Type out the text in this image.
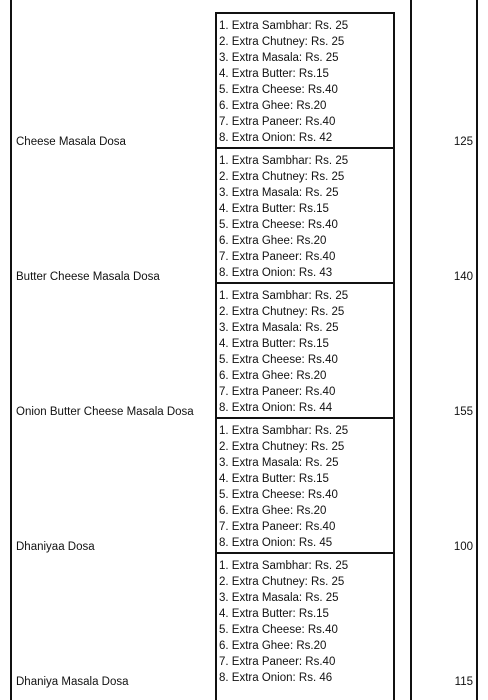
Cheese Masala Dosa
1. Extra Sambhar: Rs. 25
2. Extra Chutney: Rs. 25
3. Extra Masala: Rs. 25
4. Extra Butter: Rs.15
5. Extra Cheese: Rs.40
6. Extra Ghee: Rs.20
7. Extra Paneer: Rs.40
8. Extra Onion: Rs. 42	125
Butter Cheese Masala Dosa
1. Extra Sambhar: Rs. 25
2. Extra Chutney: Rs. 25
3. Extra Masala: Rs. 25
4. Extra Butter: Rs.15
5. Extra Cheese: Rs.40
6. Extra Ghee: Rs.20
7. Extra Paneer: Rs.40
8. Extra Onion: Rs. 43	140
Onion Butter Cheese Masala Dosa
1. Extra Sambhar: Rs. 25
2. Extra Chutney: Rs. 25
3. Extra Masala: Rs. 25
4. Extra Butter: Rs.15
5. Extra Cheese: Rs.40
6. Extra Ghee: Rs.20
7. Extra Paneer: Rs.40
8. Extra Onion: Rs. 44	155
Dhaniyaa Dosa
1. Extra Sambhar: Rs. 25
2. Extra Chutney: Rs. 25
3. Extra Masala: Rs. 25
4. Extra Butter: Rs.15
5. Extra Cheese: Rs.40
6. Extra Ghee: Rs.20
7. Extra Paneer: Rs.40
8. Extra Onion: Rs. 45	100
Dhaniya Masala Dosa
1. Extra Sambhar: Rs. 25
2. Extra Chutney: Rs. 25
3. Extra Masala: Rs. 25
4. Extra Butter: Rs.15
5. Extra Cheese: Rs.40
6. Extra Ghee: Rs.20
7. Extra Paneer: Rs.40
8. Extra Onion: Rs. 46	115
